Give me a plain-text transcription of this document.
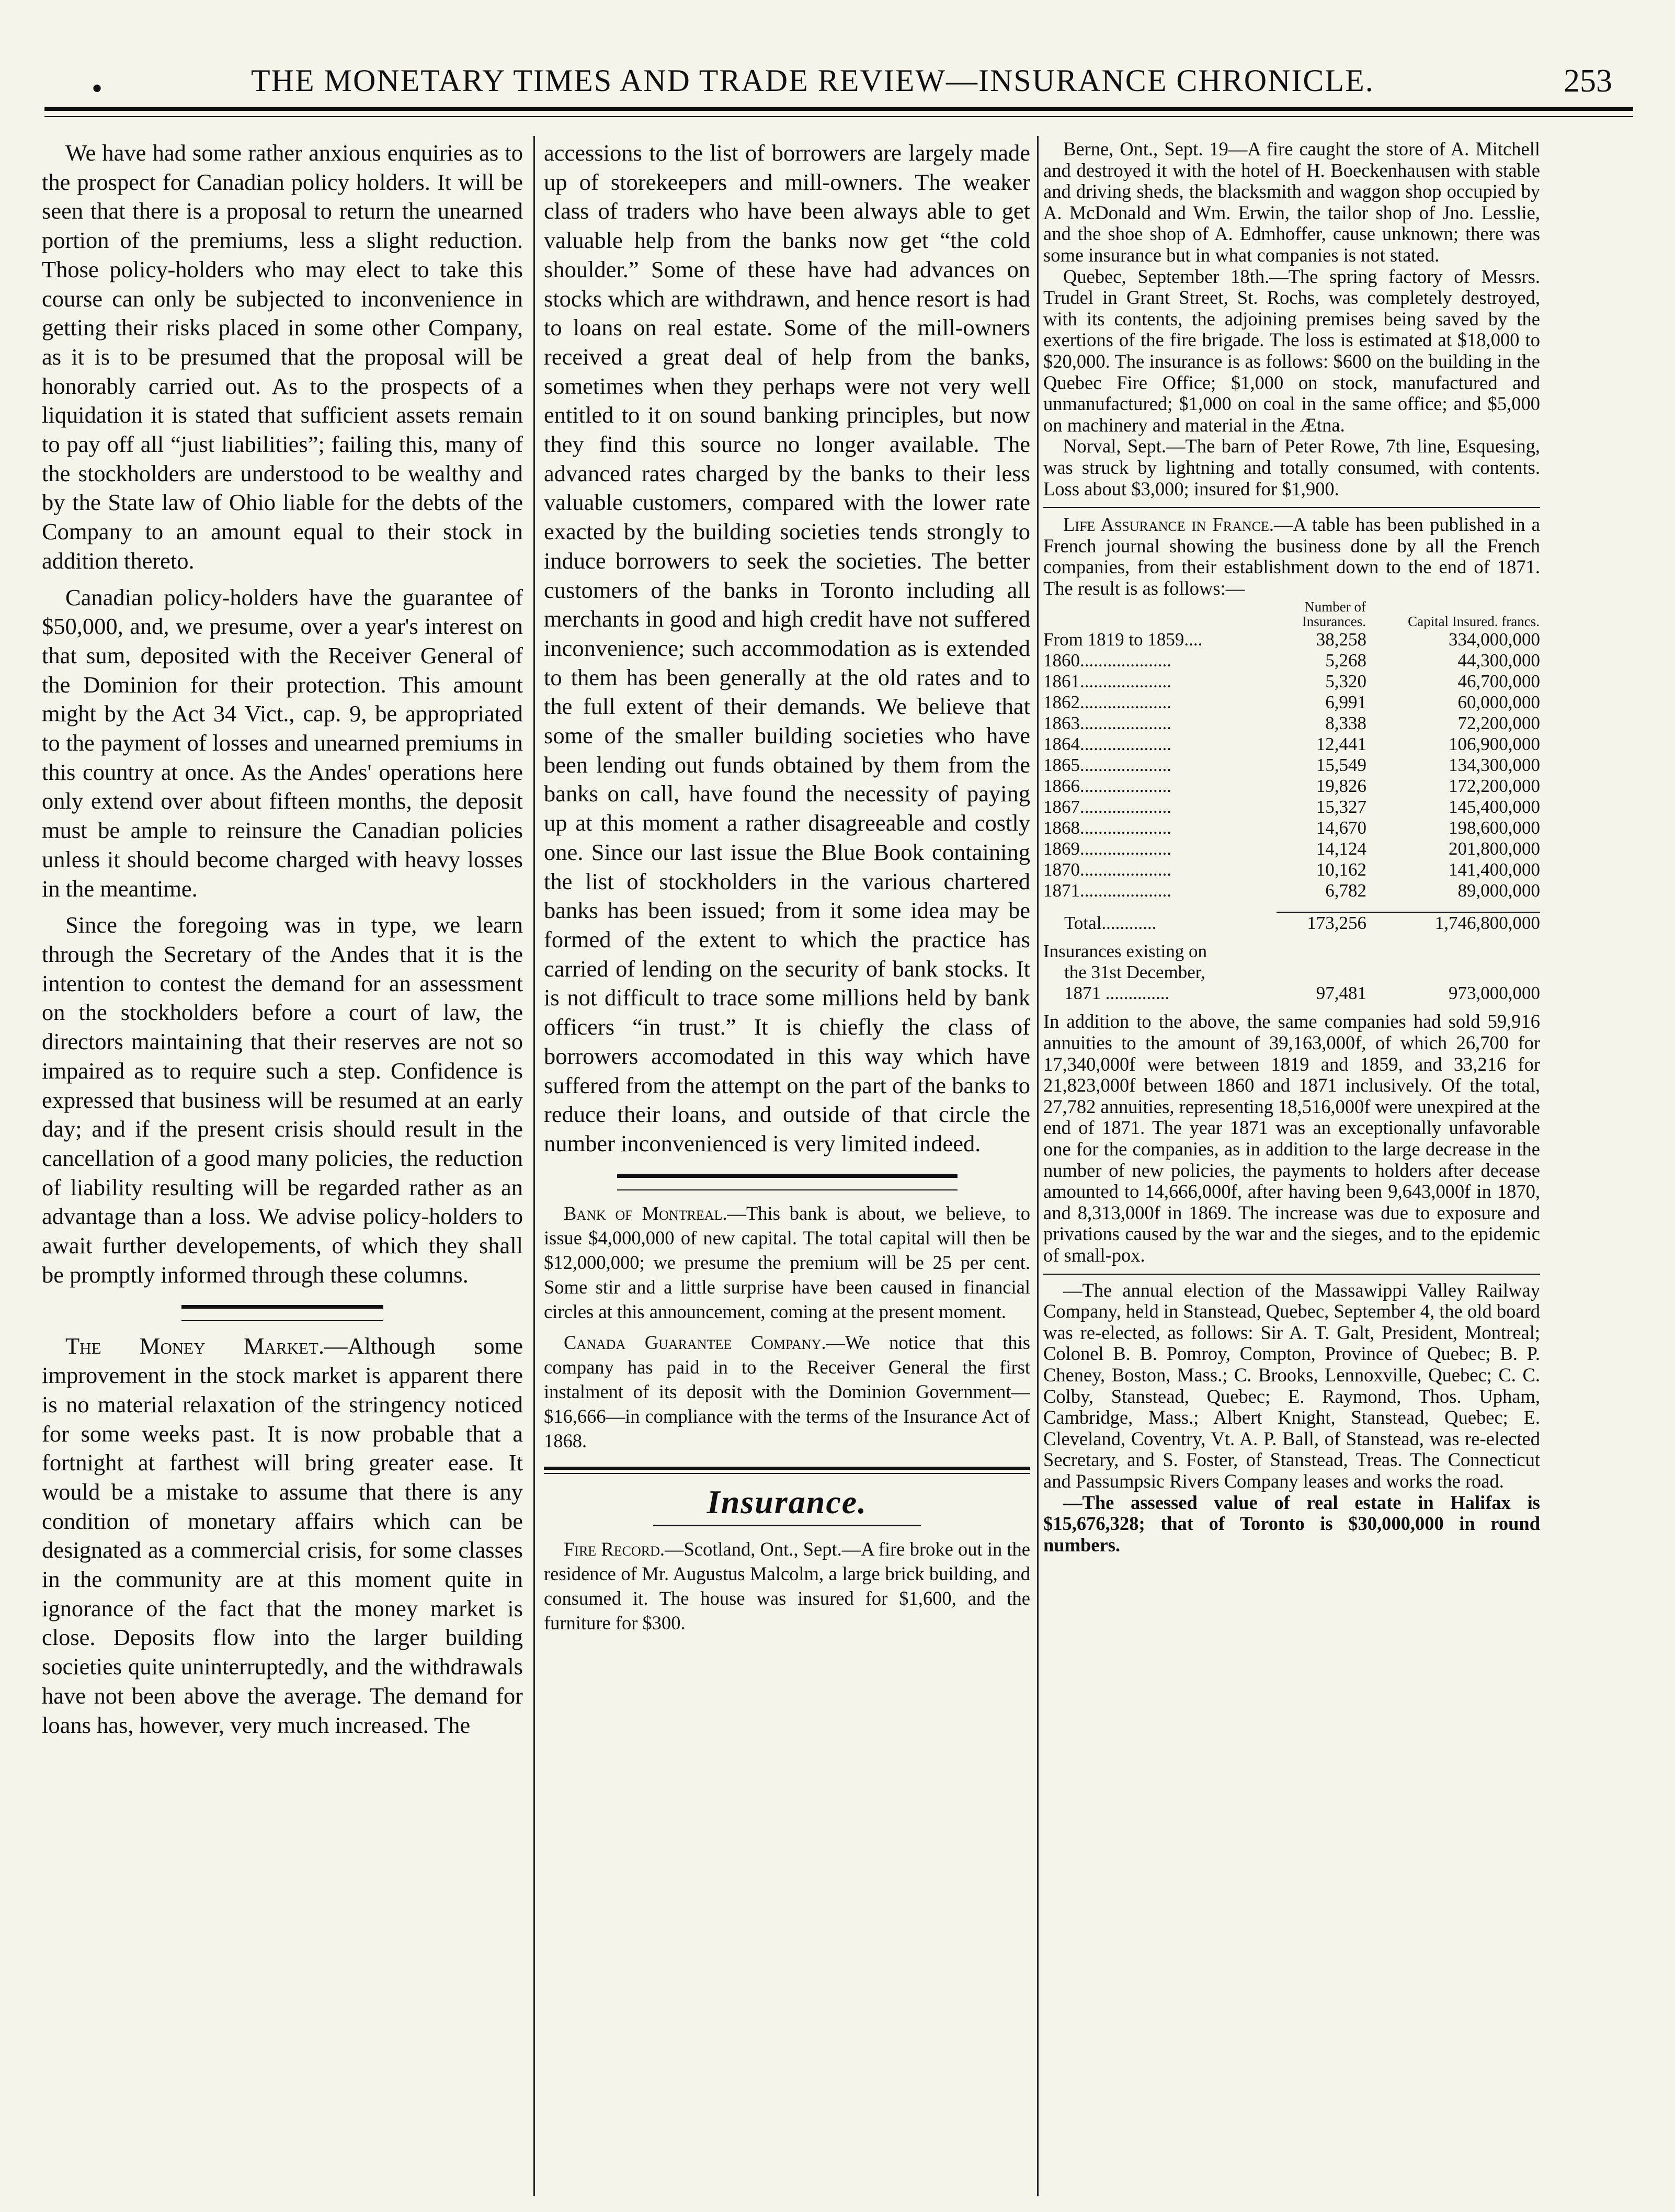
•	THE MONETARY TIMES AND TRADE REVIEW—INSURANCE CHRONICLE.	253

We have had some rather anxious enquiries as to the prospect for Canadian policy holders. It will be seen that there is a proposal to return the unearned portion of the premiums, less a slight reduction. Those policy-holders who may elect to take this course can only be subjected to inconvenience in getting their risks placed in some other Company, as it is to be presumed that the proposal will be honorably carried out. As to the prospects of a liquidation it is stated that sufficient assets remain to pay off all “just liabilities”; failing this, many of the stockholders are understood to be wealthy and by the State law of Ohio liable for the debts of the Company to an amount equal to their stock in addition thereto.

Canadian policy-holders have the guarantee of $50,000, and, we presume, over a year's interest on that sum, deposited with the Receiver General of the Dominion for their protection. This amount might by the Act 34 Vict., cap. 9, be appropriated to the payment of losses and unearned premiums in this country at once. As the Andes' operations here only extend over about fifteen months, the deposit must be ample to reinsure the Canadian policies unless it should become charged with heavy losses in the meantime.

Since the foregoing was in type, we learn through the Secretary of the Andes that it is the intention to contest the demand for an assessment on the stockholders before a court of law, the directors maintaining that their reserves are not so impaired as to require such a step. Confidence is expressed that business will be resumed at an early day; and if the present crisis should result in the cancellation of a good many policies, the reduction of liability resulting will be regarded rather as an advantage than a loss. We advise policy-holders to await further developements, of which they shall be promptly informed through these columns.

The Money Market.—Although some improvement in the stock market is apparent there is no material relaxation of the stringency noticed for some weeks past. It is now probable that a fortnight at farthest will bring greater ease. It would be a mistake to assume that there is any condition of monetary affairs which can be designated as a commercial crisis, for some classes in the community are at this moment quite in ignorance of the fact that the money market is close. Deposits flow into the larger building societies quite uninterruptedly, and the withdrawals have not been above the average. The demand for loans has, however, very much increased. The

accessions to the list of borrowers are largely made up of storekeepers and mill-owners. The weaker class of traders who have been always able to get valuable help from the banks now get “the cold shoulder.” Some of these have had advances on stocks which are withdrawn, and hence resort is had to loans on real estate. Some of the mill-owners received a great deal of help from the banks, sometimes when they perhaps were not very well entitled to it on sound banking principles, but now they find this source no longer available. The advanced rates charged by the banks to their less valuable customers, compared with the lower rate exacted by the building societies tends strongly to induce borrowers to seek the societies. The better customers of the banks in Toronto including all merchants in good and high credit have not suffered inconvenience; such accommodation as is extended to them has been generally at the old rates and to the full extent of their demands. We believe that some of the smaller building societies who have been lending out funds obtained by them from the banks on call, have found the necessity of paying up at this moment a rather disagreeable and costly one. Since our last issue the Blue Book containing the list of stockholders in the various chartered banks has been issued; from it some idea may be formed of the extent to which the practice has carried of lending on the security of bank stocks. It is not difficult to trace some millions held by bank officers “in trust.” It is chiefly the class of borrowers accomodated in this way which have suffered from the attempt on the part of the banks to reduce their loans, and outside of that circle the number inconvenienced is very limited indeed.

Bank of Montreal.—This bank is about, we believe, to issue $4,000,000 of new capital. The total capital will then be $12,000,000; we presume the premium will be 25 per cent. Some stir and a little surprise have been caused in financial circles at this announcement, coming at the present moment.

Canada Guarantee Company.—We notice that this company has paid in to the Receiver General the first instalment of its deposit with the Dominion Government—$16,666—in compliance with the terms of the Insurance Act of 1868.

Insurance.

Fire Record.—Scotland, Ont., Sept.—A fire broke out in the residence of Mr. Augustus Malcolm, a large brick building, and consumed it. The house was insured for $1,600, and the furniture for $300.

Berne, Ont., Sept. 19—A fire caught the store of A. Mitchell and destroyed it with the hotel of H. Boeckenhausen with stable and driving sheds, the blacksmith and waggon shop occupied by A. McDonald and Wm. Erwin, the tailor shop of Jno. Lesslie, and the shoe shop of A. Edmhoffer, cause unknown; there was some insurance but in what companies is not stated.

Quebec, September 18th.—The spring factory of Messrs. Trudel in Grant Street, St. Rochs, was completely destroyed, with its contents, the adjoining premises being saved by the exertions of the fire brigade. The loss is estimated at $18,000 to $20,000. The insurance is as follows: $600 on the building in the Quebec Fire Office; $1,000 on stock, manufactured and unmanufactured; $1,000 on coal in the same office; and $5,000 on machinery and material in the Ætna.

Norval, Sept.—The barn of Peter Rowe, 7th line, Esquesing, was struck by lightning and totally consumed, with contents. Loss about $3,000; insured for $1,900.

Life Assurance in France.—A table has been published in a French journal showing the business done by all the French companies, from their establishment down to the end of 1871. The result is as follows:—

	Number of Insurances.	Capital Insured. francs.
From 1819 to 1859....	38,258	334,000,000
1860....................	5,268	44,300,000
1861....................	5,320	46,700,000
1862....................	6,991	60,000,000
1863....................	8,338	72,200,000
1864....................	12,441	106,900,000
1865....................	15,549	134,300,000
1866....................	19,826	172,200,000
1867....................	15,327	145,400,000
1868....................	14,670	198,600,000
1869....................	14,124	201,800,000
1870....................	10,162	141,400,000
1871....................	6,782	89,000,000

Total............	173,256	1,746,800,000

Insurances existing on		
the 31st December,		
1871 ..............	97,481	973,000,000

In addition to the above, the same companies had sold 59,916 annuities to the amount of 39,163,000f, of which 26,700 for 17,340,000f were between 1819 and 1859, and 33,216 for 21,823,000f between 1860 and 1871 inclusively. Of the total, 27,782 annuities, representing 18,516,000f were unexpired at the end of 1871. The year 1871 was an exceptionally unfavorable one for the companies, as in addition to the large decrease in the number of new policies, the payments to holders after decease amounted to 14,666,000f, after having been 9,643,000f in 1870, and 8,313,000f in 1869. The increase was due to exposure and privations caused by the war and the sieges, and to the epidemic of small-pox.

—The annual election of the Massawippi Valley Railway Company, held in Stanstead, Quebec, September 4, the old board was re-elected, as follows: Sir A. T. Galt, President, Montreal; Colonel B. B. Pomroy, Compton, Province of Quebec; B. P. Cheney, Boston, Mass.; C. Brooks, Lennoxville, Quebec; C. C. Colby, Stanstead, Quebec; E. Raymond, Thos. Upham, Cambridge, Mass.; Albert Knight, Stanstead, Quebec; E. Cleveland, Coventry, Vt. A. P. Ball, of Stanstead, was re-elected Secretary, and S. Foster, of Stanstead, Treas. The Connecticut and Passumpsic Rivers Company leases and works the road.

—The assessed value of real estate in Halifax is $15,676,328; that of Toronto is $30,000,000 in round numbers.
